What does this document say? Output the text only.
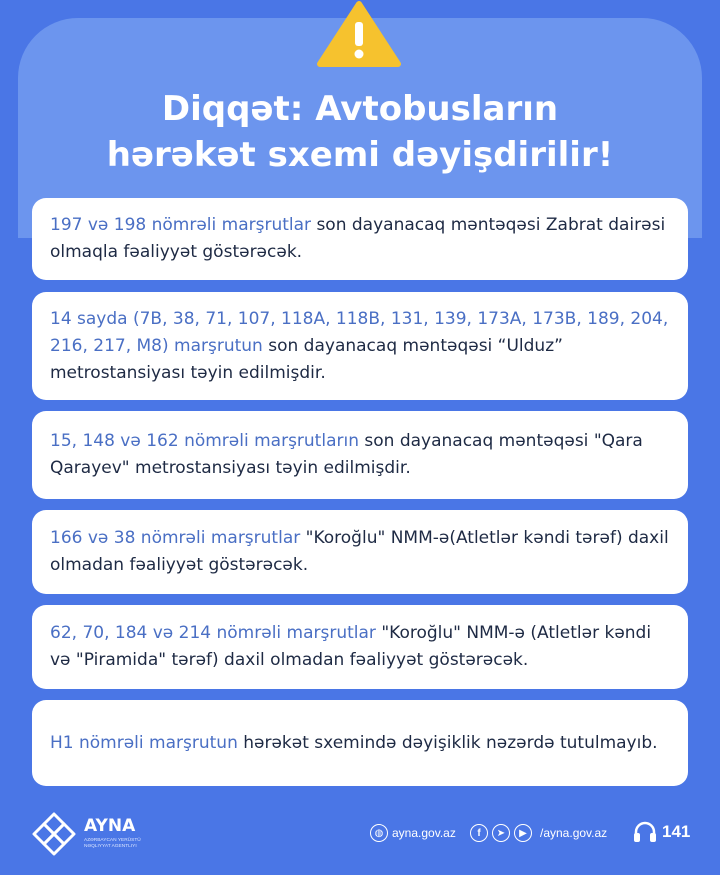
Diqqət: Avtobusların
hərəkət sxemi dəyişdirilir!

197 və 198 nömrəli marşrutlar son dayanacaq məntəqəsi Zabrat dairəsi olmaqla fəaliyyət göstərəcək.

14 sayda (7B, 38, 71, 107, 118A, 118B, 131, 139, 173A, 173B, 189, 204, 216, 217, M8) marşrutun son dayanacaq məntəqəsi “Ulduz” metrostansiyası təyin edilmişdir.

15, 148 və 162 nömrəli marşrutların son dayanacaq məntəqəsi "Qara Qarayev" metrostansiyası təyin edilmişdir.

166 və 38 nömrəli marşrutlar "Koroğlu" NMM-ə(Atletlər kəndi tərəf) daxil olmadan fəaliyyət göstərəcək.

62, 70, 184 və 214 nömrəli marşrutlar "Koroğlu" NMM-ə (Atletlər kəndi və "Piramida" tərəf) daxil olmadan fəaliyyət göstərəcək.

H1 nömrəli marşrutun hərəkət sxemində dəyişiklik nəzərdə tutulmayıb.

AYNA
AZƏRBAYCAN YERÜSTÜ NƏQLIYYAT AGENTLIYI
◍ ayna.gov.az	f	➤	▶	/ayna.gov.az	141
